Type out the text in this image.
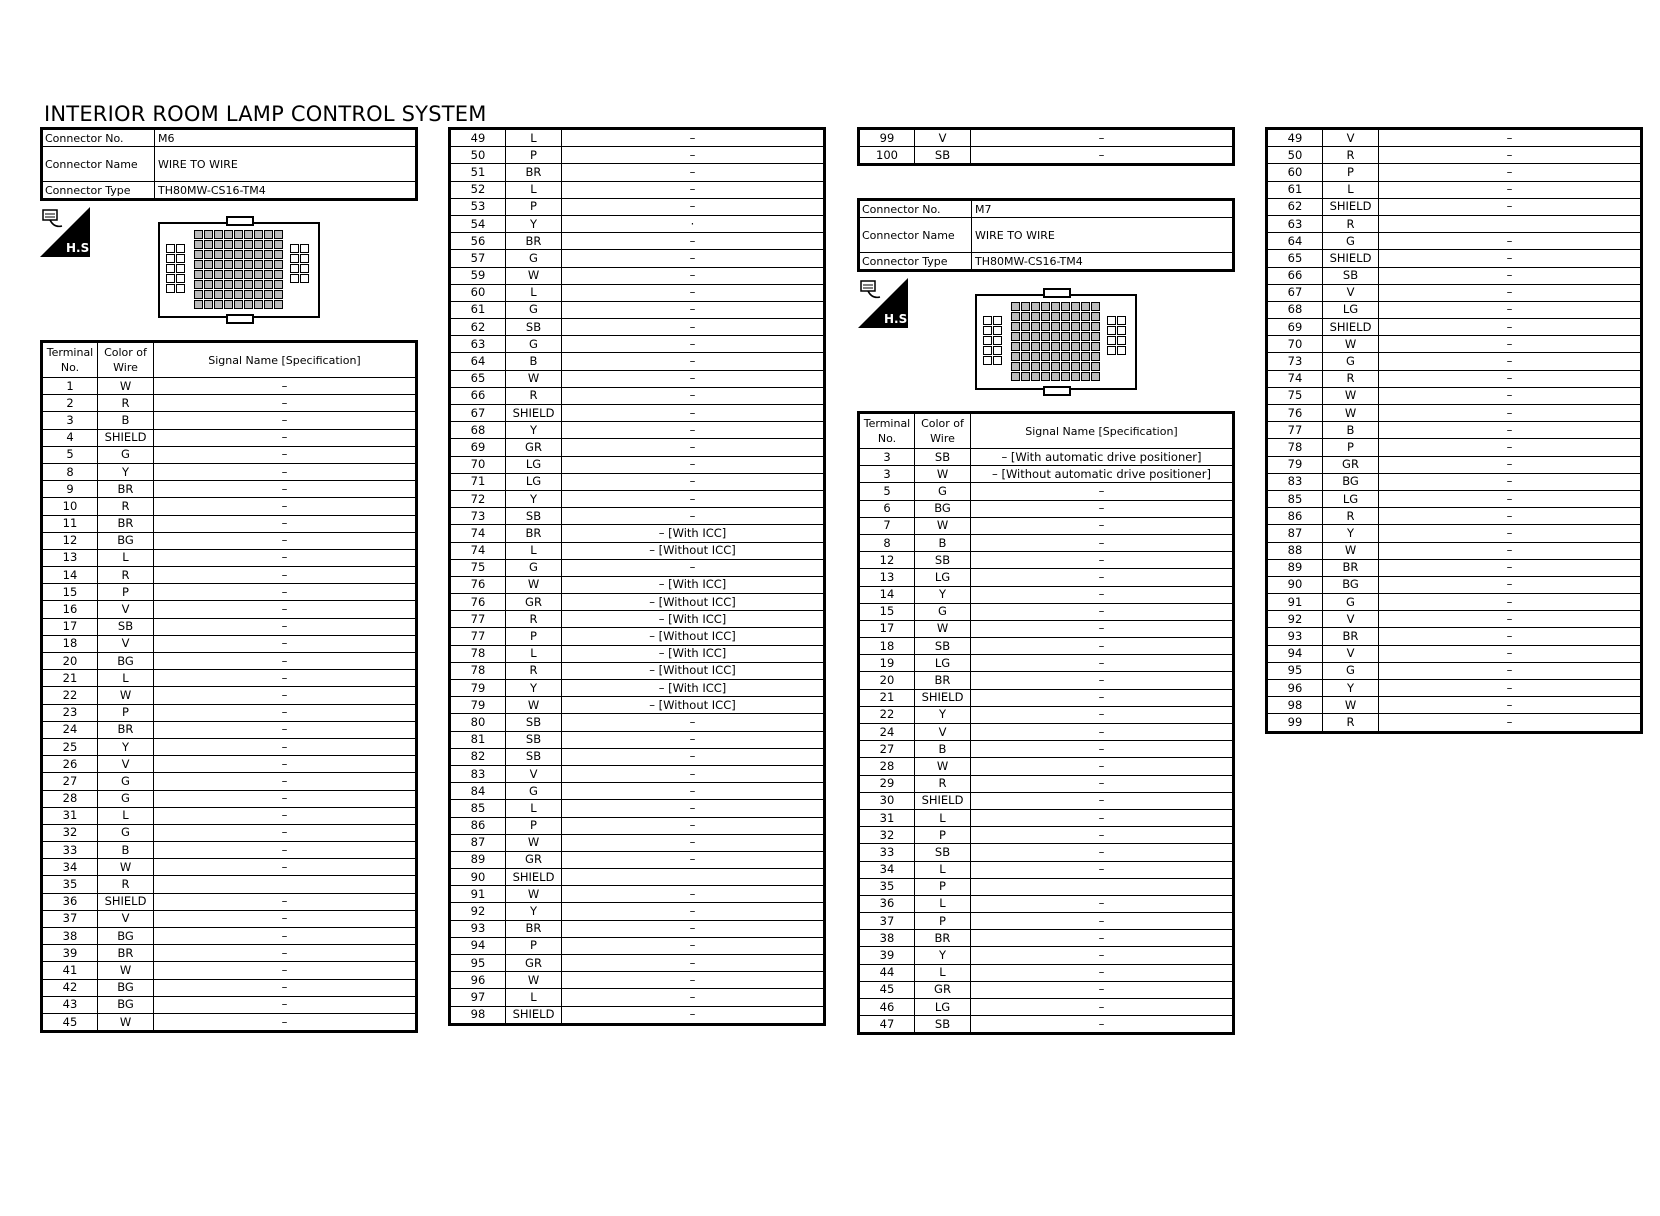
INTERIOR ROOM LAMP CONTROL SYSTEM
Connector No.	M6
Connector Name	WIRE TO WIRE
Connector Type	TH80MW-CS16-TM4
H.S.
Terminal No.	Color of Wire	Signal Name [Specification]
1	W	–
2	R	–
3	B	–
4	SHIELD	–
5	G	–
8	Y	–
9	BR	–
10	R	–
11	BR	–
12	BG	–
13	L	–
14	R	–
15	P	–
16	V	–
17	SB	–
18	V	–
20	BG	–
21	L	–
22	W	–
23	P	–
24	BR	–
25	Y	–
26	V	–
27	G	–
28	G	–
31	L	–
32	G	–
33	B	–
34	W	–
35	R	
36	SHIELD	–
37	V	–
38	BG	–
39	BR	–
41	W	–
42	BG	–
43	BG	–
45	W	–
49	L	–
50	P	–
51	BR	–
52	L	–
53	P	–
54	Y	·
56	BR	–
57	G	–
59	W	–
60	L	–
61	G	–
62	SB	–
63	G	–
64	B	–
65	W	–
66	R	–
67	SHIELD	–
68	Y	–
69	GR	–
70	LG	–
71	LG	–
72	Y	–
73	SB	–
74	BR	– [With ICC]
74	L	– [Without ICC]
75	G	–
76	W	– [With ICC]
76	GR	– [Without ICC]
77	R	– [With ICC]
77	P	– [Without ICC]
78	L	– [With ICC]
78	R	– [Without ICC]
79	Y	– [With ICC]
79	W	– [Without ICC]
80	SB	–
81	SB	–
82	SB	–
83	V	–
84	G	–
85	L	–
86	P	–
87	W	–
89	GR	–
90	SHIELD	
91	W	–
92	Y	–
93	BR	–
94	P	–
95	GR	–
96	W	–
97	L	–
98	SHIELD	–
99	V	–
100	SB	–
Connector No.	M7
Connector Name	WIRE TO WIRE
Connector Type	TH80MW-CS16-TM4
H.S.
Terminal No.	Color of Wire	Signal Name [Specification]
3	SB	– [With automatic drive positioner]
3	W	– [Without automatic drive positioner]
5	G	–
6	BG	–
7	W	–
8	B	–
12	SB	–
13	LG	–
14	Y	–
15	G	–
17	W	–
18	SB	–
19	LG	–
20	BR	–
21	SHIELD	–
22	Y	–
24	V	–
27	B	–
28	W	–
29	R	–
30	SHIELD	–
31	L	–
32	P	–
33	SB	–
34	L	–
35	P	
36	L	–
37	P	–
38	BR	–
39	Y	–
44	L	–
45	GR	–
46	LG	–
47	SB	–
49	V	–
50	R	–
60	P	–
61	L	–
62	SHIELD	–
63	R	
64	G	–
65	SHIELD	–
66	SB	–
67	V	–
68	LG	–
69	SHIELD	–
70	W	–
73	G	–
74	R	–
75	W	–
76	W	–
77	B	–
78	P	–
79	GR	–
83	BG	–
85	LG	–
86	R	–
87	Y	–
88	W	–
89	BR	–
90	BG	–
91	G	–
92	V	–
93	BR	–
94	V	–
95	G	–
96	Y	–
98	W	–
99	R	–
